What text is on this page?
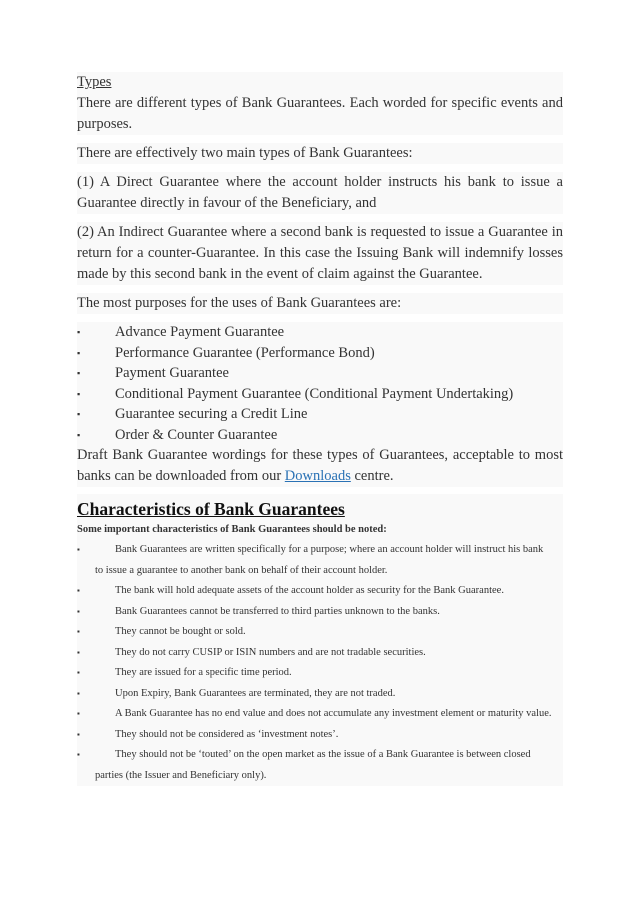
Types

There are different types of Bank Guarantees. Each worded for specific events and purposes.

There are effectively two main types of Bank Guarantees:

(1) A Direct Guarantee where the account holder instructs his bank to issue a Guarantee directly in favour of the Beneficiary, and

(2) An Indirect Guarantee where a second bank is requested to issue a Guarantee in return for a counter-Guarantee. In this case the Issuing Bank will indemnify losses made by this second bank in the event of claim against the Guarantee.

The most purposes for the uses of Bank Guarantees are:

▪ Advance Payment Guarantee
▪ Performance Guarantee (Performance Bond)
▪ Payment Guarantee
▪ Conditional Payment Guarantee (Conditional Payment Undertaking)
▪ Guarantee securing a Credit Line
▪ Order & Counter Guarantee

Draft Bank Guarantee wordings for these types of Guarantees, acceptable to most banks can be downloaded from our Downloads centre.

Characteristics of Bank Guarantees

Some important characteristics of Bank Guarantees should be noted:

▪	Bank Guarantees are written specifically for a purpose; where an account holder will instruct his bank
to issue a guarantee to another bank on behalf of their account holder.
▪	The bank will hold adequate assets of the account holder as security for the Bank Guarantee.
▪	Bank Guarantees cannot be transferred to third parties unknown to the banks.
▪	They cannot be bought or sold.
▪	They do not carry CUSIP or ISIN numbers and are not tradable securities.
▪	They are issued for a specific time period.
▪	Upon Expiry, Bank Guarantees are terminated, they are not traded.
▪	A Bank Guarantee has no end value and does not accumulate any investment element or maturity value.
▪	They should not be considered as ‘investment notes’.
▪	They should not be ‘touted’ on the open market as the issue of a Bank Guarantee is between closed
parties (the Issuer and Beneficiary only).
